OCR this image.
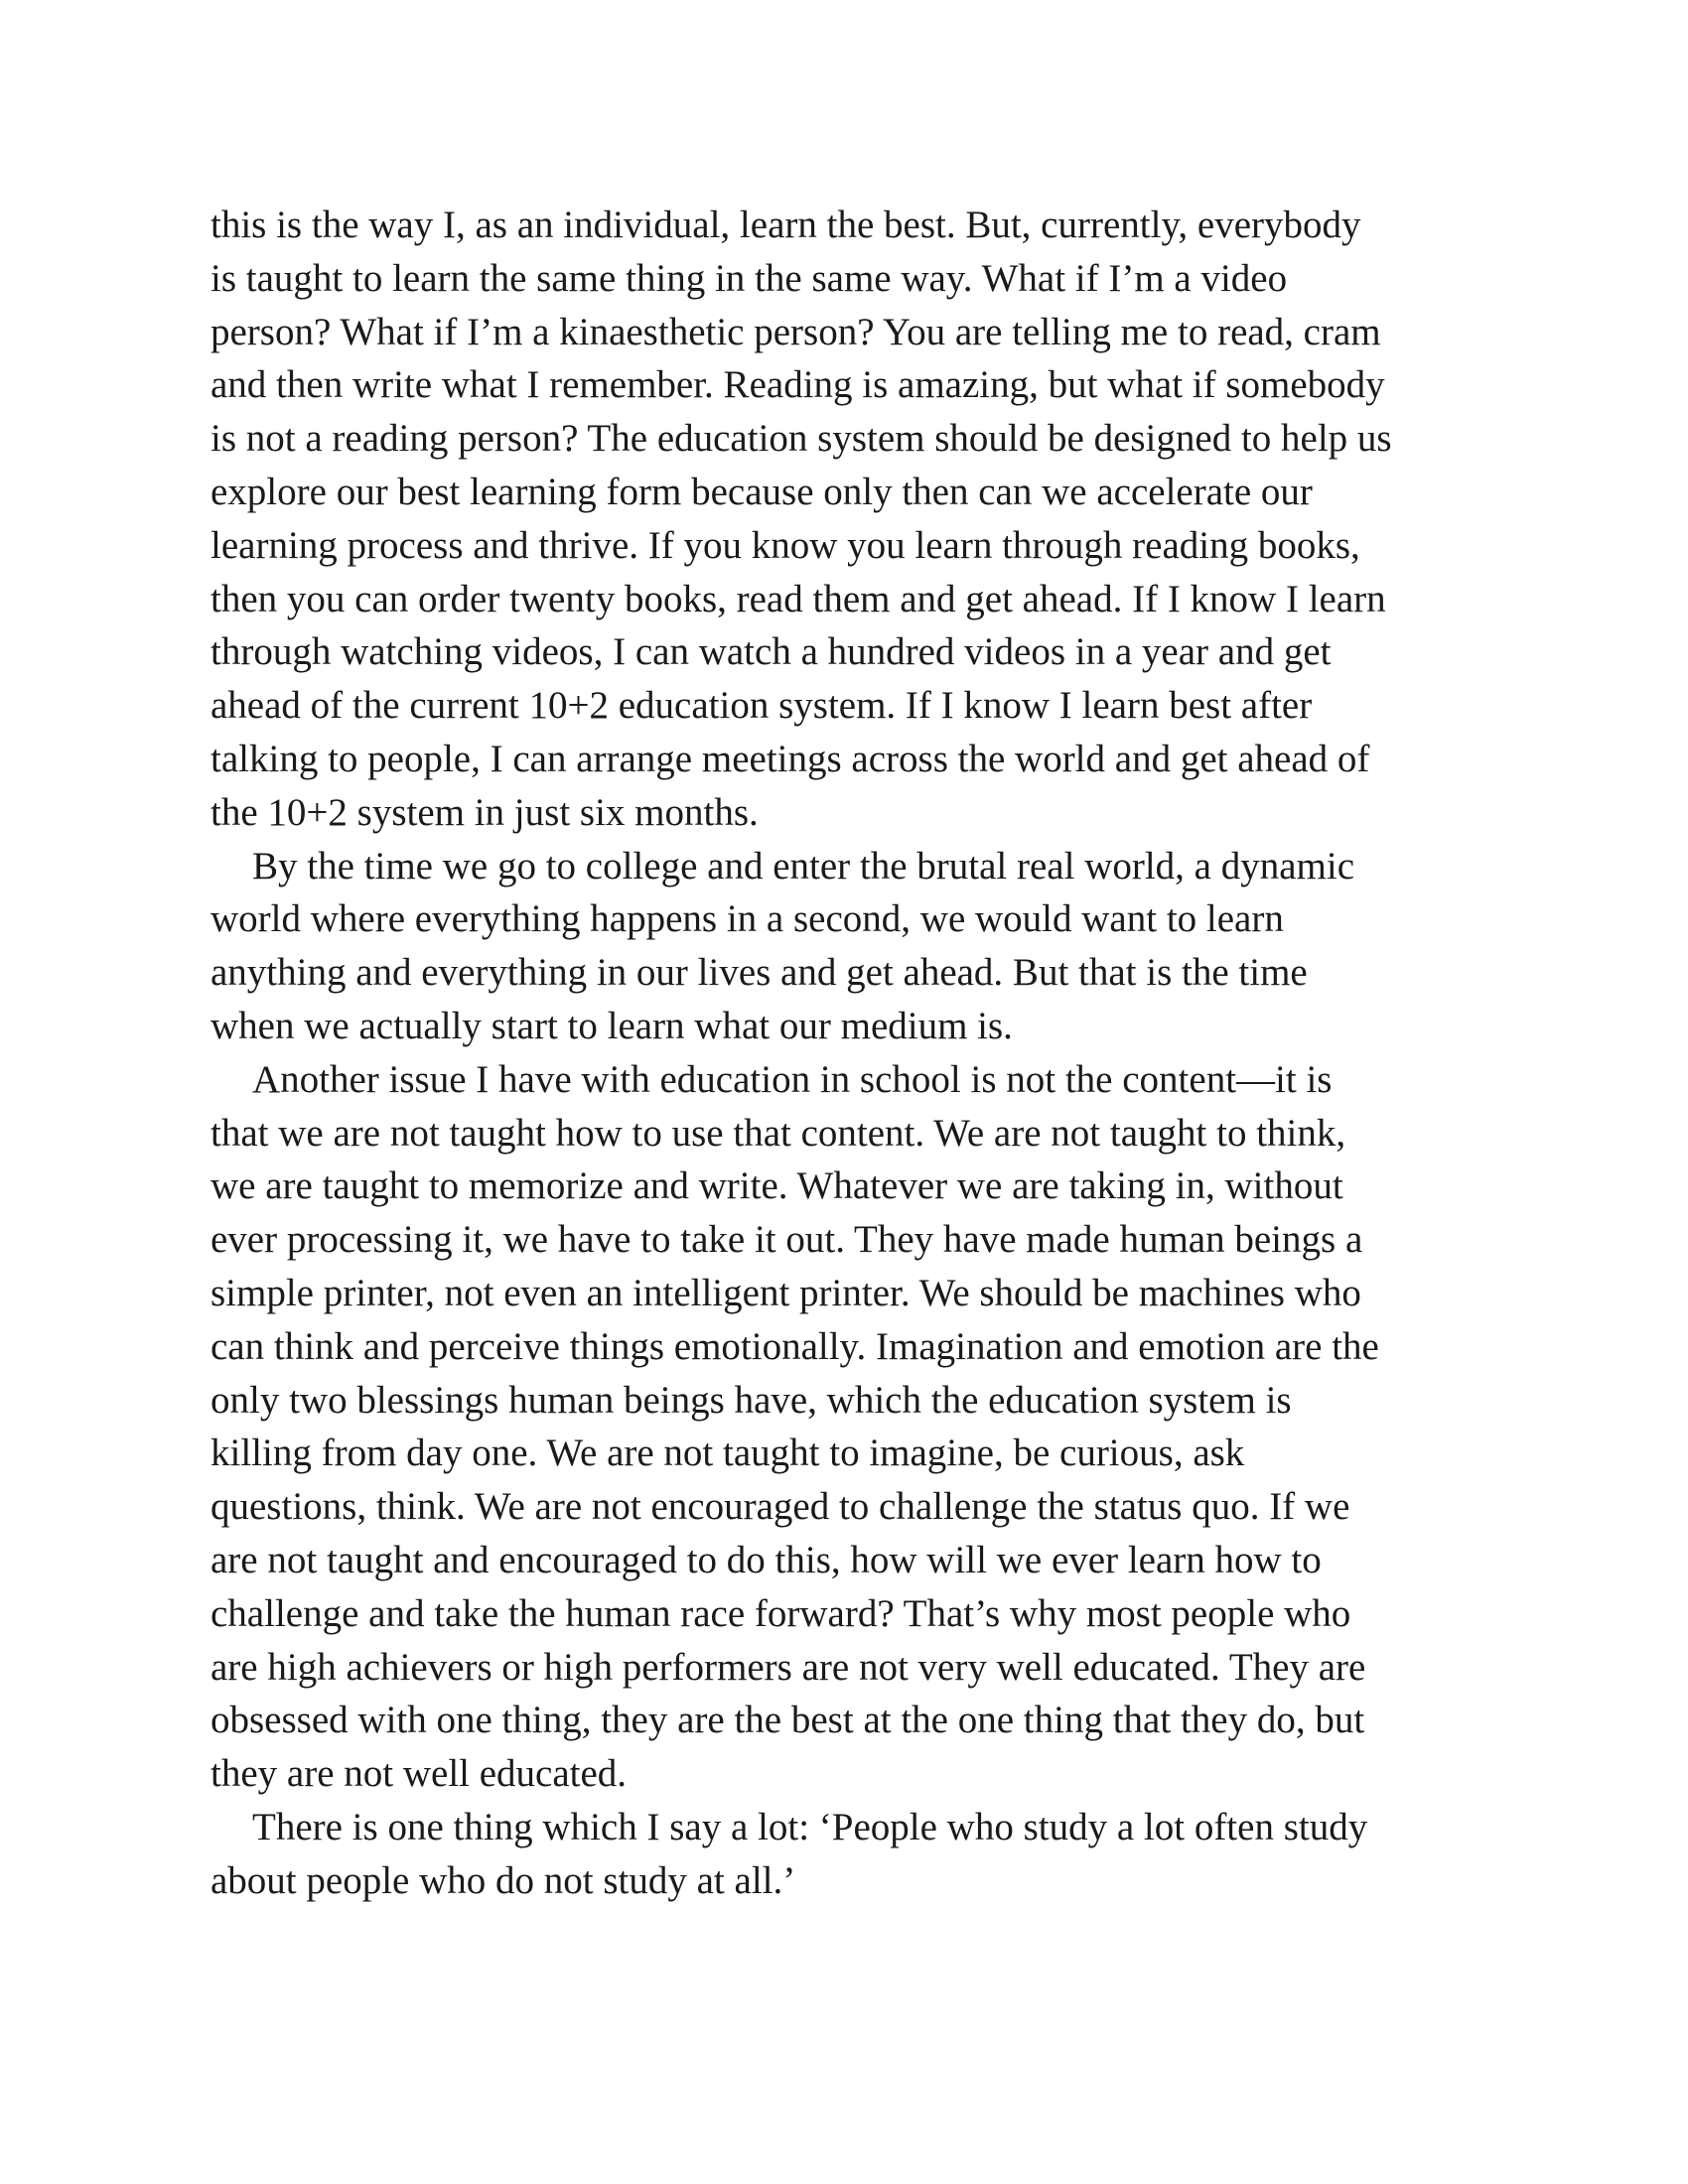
this is the way I, as an individual, learn the best. But, currently, everybody
is taught to learn the same thing in the same way. What if I’m a video
person? What if I’m a kinaesthetic person? You are telling me to read, cram
and then write what I remember. Reading is amazing, but what if somebody
is not a reading person? The education system should be designed to help us
explore our best learning form because only then can we accelerate our
learning process and thrive. If you know you learn through reading books,
then you can order twenty books, read them and get ahead. If I know I learn
through watching videos, I can watch a hundred videos in a year and get
ahead of the current 10+2 education system. If I know I learn best after
talking to people, I can arrange meetings across the world and get ahead of
the 10+2 system in just six months.
By the time we go to college and enter the brutal real world, a dynamic
world where everything happens in a second, we would want to learn
anything and everything in our lives and get ahead. But that is the time
when we actually start to learn what our medium is.
Another issue I have with education in school is not the content—it is
that we are not taught how to use that content. We are not taught to think,
we are taught to memorize and write. Whatever we are taking in, without
ever processing it, we have to take it out. They have made human beings a
simple printer, not even an intelligent printer. We should be machines who
can think and perceive things emotionally. Imagination and emotion are the
only two blessings human beings have, which the education system is
killing from day one. We are not taught to imagine, be curious, ask
questions, think. We are not encouraged to challenge the status quo. If we
are not taught and encouraged to do this, how will we ever learn how to
challenge and take the human race forward? That’s why most people who
are high achievers or high performers are not very well educated. They are
obsessed with one thing, they are the best at the one thing that they do, but
they are not well educated.
There is one thing which I say a lot: ‘People who study a lot often study
about people who do not study at all.’
